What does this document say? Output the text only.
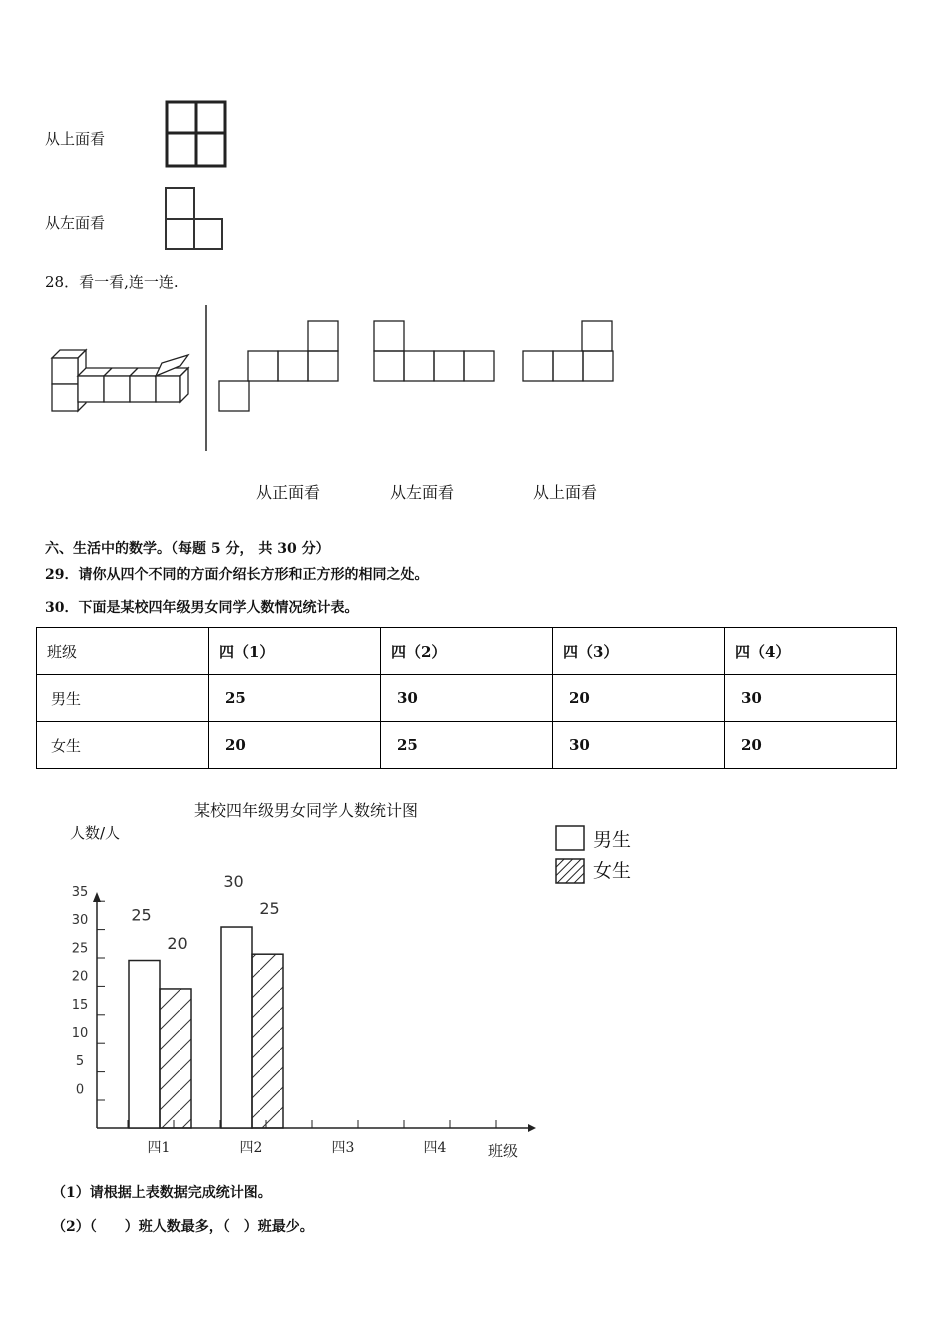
从上面看
从左面看
28．看一看,连一连.
从正面看	从左面看	从上面看
六、生活中的数学。（每题 5 分， 共 30 分）
29．请你从四个不同的方面介绍长方形和正方形的相同之处。
30．下面是某校四年级男女同学人数情况统计表。
班级	四（1）	四（2）	四（3）	四（4）
男生	25	30	20	30
女生	20	25	30	20
某校四年级男女同学人数统计图
人数/人	男生
女生
35
30
25
20
15
10
5
0
四1	四2	四3	四4	班级
25
20
30
25
（1）请根据上表数据完成统计图。
（2）（　　）班人数最多，（　）班最少。
